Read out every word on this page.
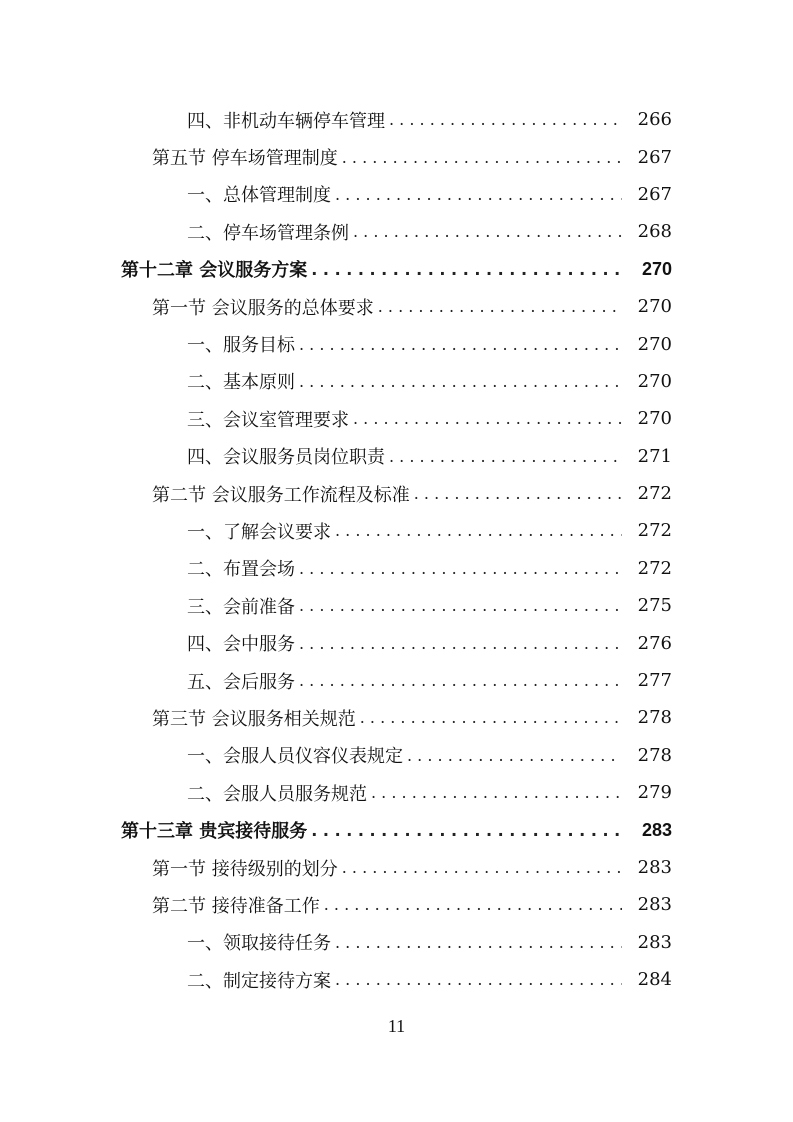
四、非机动车辆停车管理 . . .	266
第五节 停车场管理制度 . . .	267
一、总体管理制度 . . .	267
二、停车场管理条例 . . .	268
第十二章 会议服务方案 . . .	270
第一节 会议服务的总体要求 . . .	270
一、服务目标 . . .	270
二、基本原则 . . .	270
三、会议室管理要求 . . .	270
四、会议服务员岗位职责 . . .	271
第二节 会议服务工作流程及标准 . . .	272
一、了解会议要求 . . .	272
二、布置会场 . . .	272
三、会前准备 . . .	275
四、会中服务 . . .	276
五、会后服务 . . .	277
第三节 会议服务相关规范 . . .	278
一、会服人员仪容仪表规定 . . .	278
二、会服人员服务规范 . . .	279
第十三章 贵宾接待服务 . . .	283
第一节 接待级别的划分 . . .	283
第二节 接待准备工作 . . .	283
一、领取接待任务 . . .	283
二、制定接待方案 . . .	284
11
